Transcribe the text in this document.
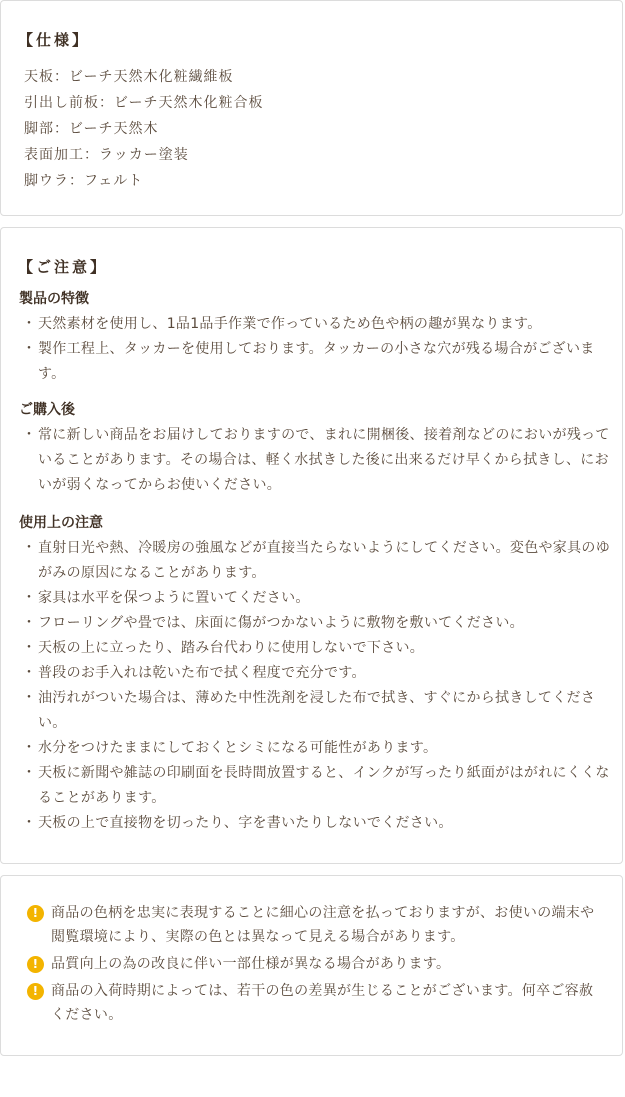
【仕様】
天板：ビーチ天然木化粧繊維板
引出し前板：ビーチ天然木化粧合板
脚部：ビーチ天然木
表面加工：ラッカー塗装
脚ウラ：フェルト
【ご注意】
製品の特徴
・ 天然素材を使用し、1品1品手作業で作っているため色や柄の趣が異なります。
・ 製作工程上、タッカーを使用しております。タッカーの小さな穴が残る場合がございます。
ご購入後
・ 常に新しい商品をお届けしておりますので、まれに開梱後、接着剤などのにおいが残っていることがあります。その場合は、軽く水拭きした後に出来るだけ早くから拭きし、においが弱くなってからお使いください。
使用上の注意
・ 直射日光や熱、冷暖房の強風などが直接当たらないようにしてください。変色や家具のゆがみの原因になることがあります。
・ 家具は水平を保つように置いてください。
・ フローリングや畳では、床面に傷がつかないように敷物を敷いてください。
・ 天板の上に立ったり、踏み台代わりに使用しないで下さい。
・ 普段のお手入れは乾いた布で拭く程度で充分です。
・ 油汚れがついた場合は、薄めた中性洗剤を浸した布で拭き、すぐにから拭きしてください。
・ 水分をつけたままにしておくとシミになる可能性があります。
・ 天板に新聞や雑誌の印刷面を長時間放置すると、インクが写ったり紙面がはがれにくくなることがあります。
・ 天板の上で直接物を切ったり、字を書いたりしないでください。
! 商品の色柄を忠実に表現することに細心の注意を払っておりますが、お使いの端末や閲覧環境により、実際の色とは異なって見える場合があります。
! 品質向上の為の改良に伴い一部仕様が異なる場合があります。
! 商品の入荷時期によっては、若干の色の差異が生じることがございます。何卒ご容赦ください。
